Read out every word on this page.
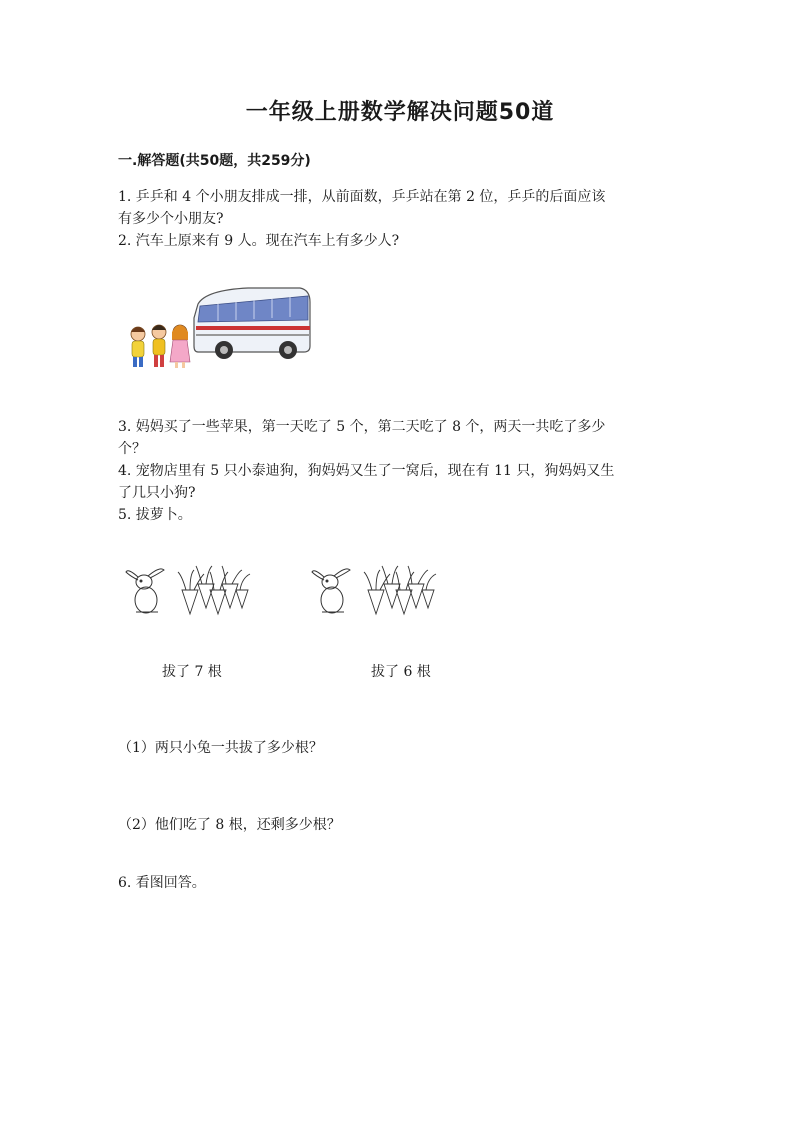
一年级上册数学解决问题50道
一.解答题(共50题，共259分)
1. 乒乒和 4 个小朋友排成一排，从前面数，乒乒站在第 2 位，乒乒的后面应该
有多少个小朋友?
2. 汽车上原来有 9 人。现在汽车上有多少人?
3. 妈妈买了一些苹果，第一天吃了 5 个，第二天吃了 8 个，两天一共吃了多少
个？
4. 宠物店里有 5 只小泰迪狗，狗妈妈又生了一窝后，现在有 11 只，狗妈妈又生
了几只小狗?
5. 拔萝卜。
拔了 7 根	拔了 6 根
（1）两只小兔一共拔了多少根？
（2）他们吃了 8 根，还剩多少根？
6. 看图回答。
